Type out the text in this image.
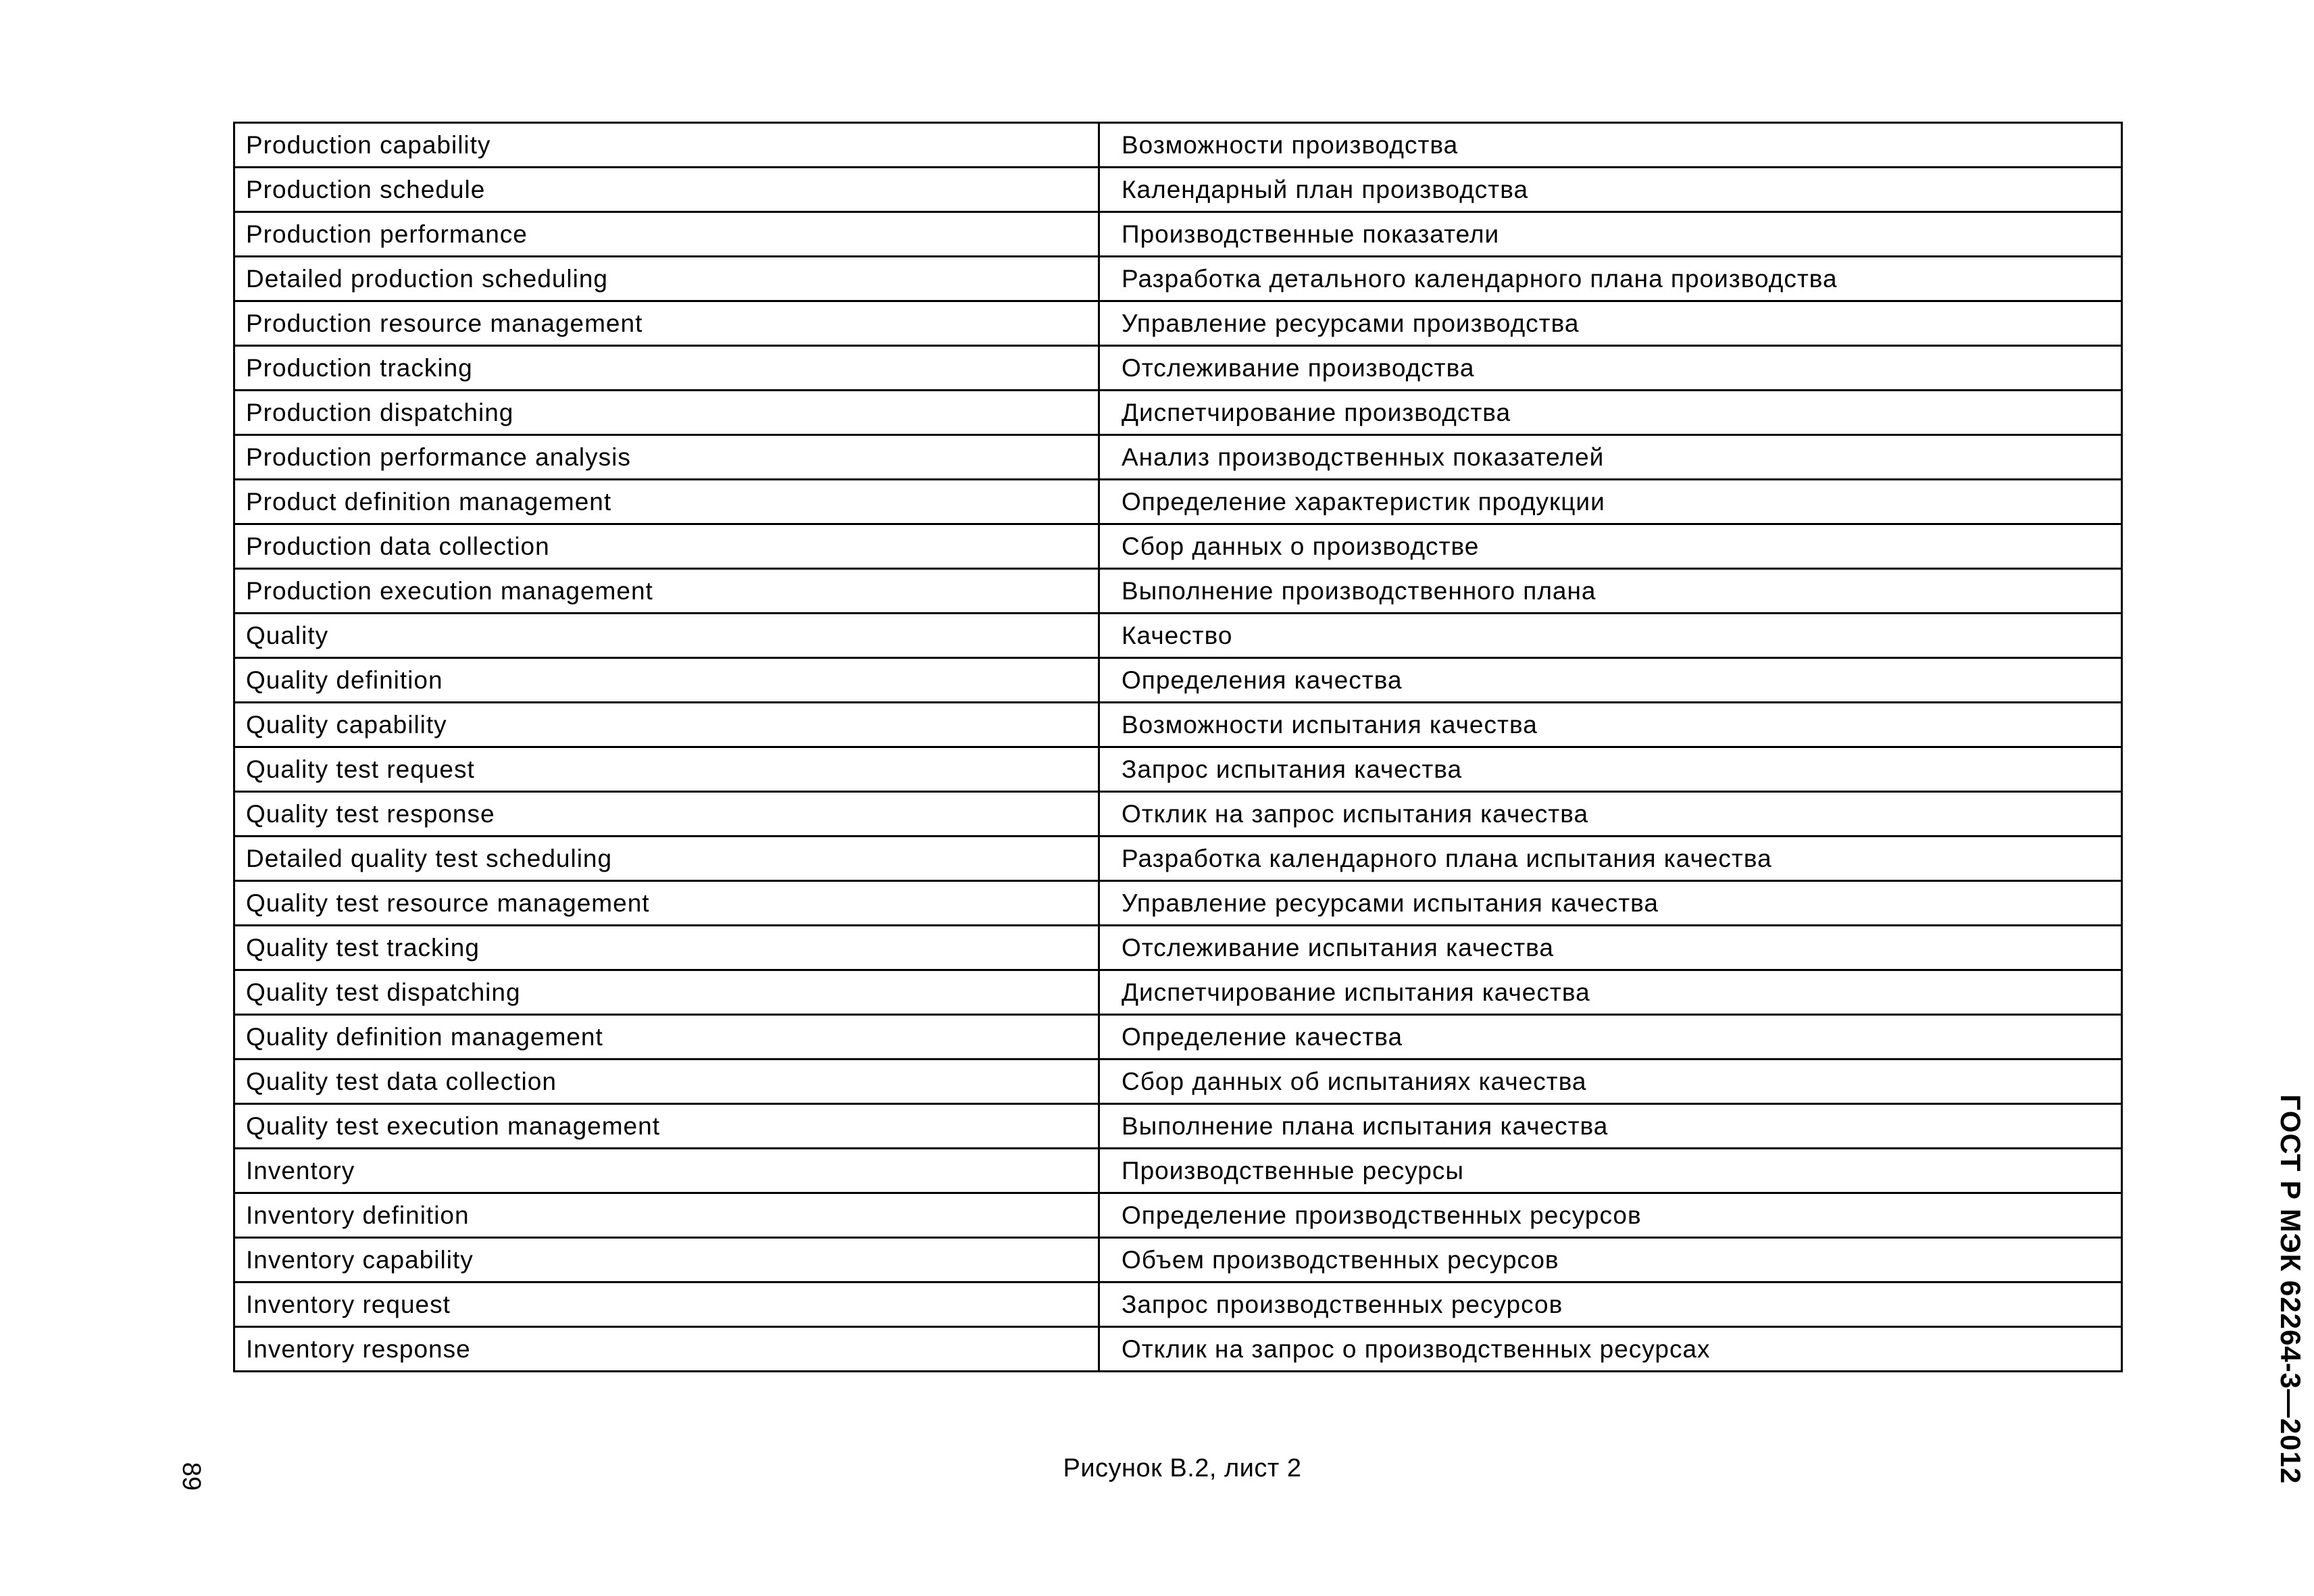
Production capability	Возможности производства
Production schedule	Календарный план производства
Production performance	Производственные показатели
Detailed production scheduling	Разработка детального календарного плана производства
Production resource management	Управление ресурсами производства
Production tracking	Отслеживание производства
Production dispatching	Диспетчирование производства
Production performance analysis	Анализ производственных показателей
Product definition management	Определение характеристик продукции
Production data collection	Сбор данных о производстве
Production execution management	Выполнение производственного плана
Quality	Качество
Quality definition	Определения качества
Quality capability	Возможности испытания качества
Quality test request	Запрос испытания качества
Quality test response	Отклик на запрос испытания качества
Detailed quality test scheduling	Разработка календарного плана испытания качества
Quality test resource management	Управление ресурсами испытания качества
Quality test tracking	Отслеживание испытания качества
Quality test dispatching	Диспетчирование испытания качества
Quality definition management	Определение качества
Quality test data collection	Сбор данных об испытаниях качества
Quality test execution management	Выполнение плана испытания качества
Inventory	Производственные ресурсы
Inventory definition	Определение производственных ресурсов
Inventory capability	Объем производственных ресурсов
Inventory request	Запрос производственных ресурсов
Inventory response	Отклик на запрос о производственных ресурсах
Рисунок В.2, лист 2
89	ГОСТ Р МЭК 62264-3—2012
